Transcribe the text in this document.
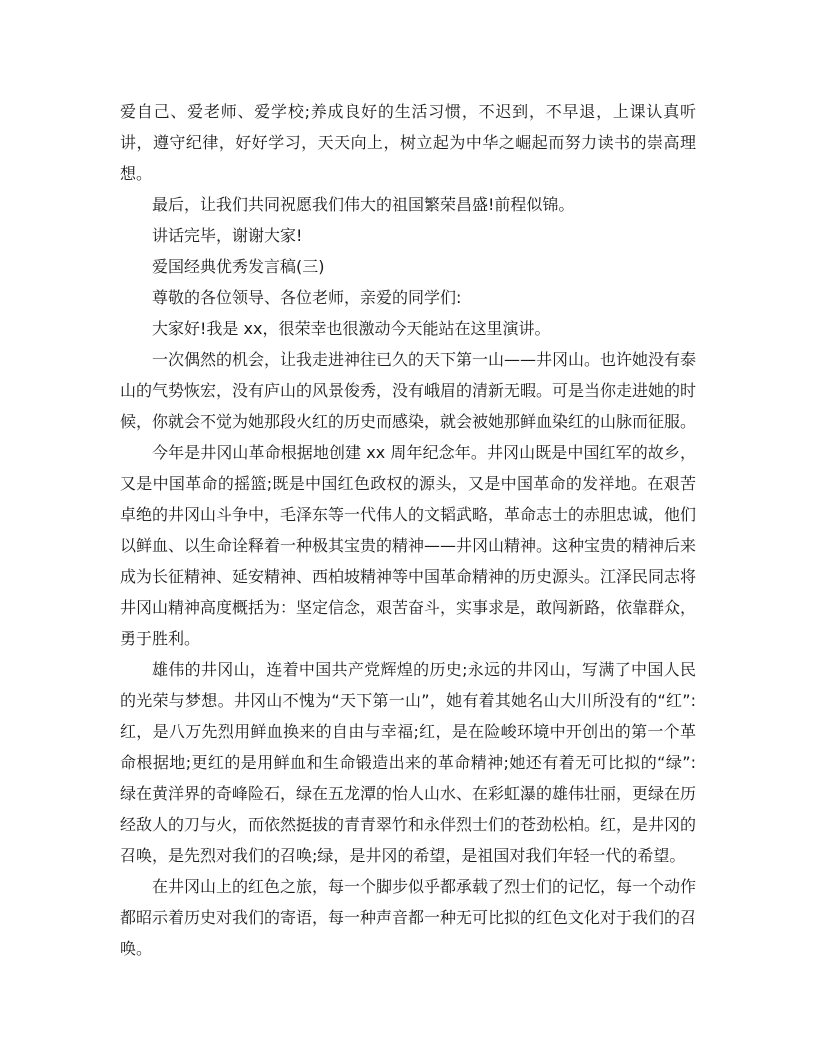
爱自己、爱老师、爱学校;养成良好的生活习惯，不迟到，不早退，上课认真听讲，遵守纪律，好好学习，天天向上，树立起为中华之崛起而努力读书的崇高理想。

最后，让我们共同祝愿我们伟大的祖国繁荣昌盛!前程似锦。

讲话完毕，谢谢大家!

爱国经典优秀发言稿(三)

尊敬的各位领导、各位老师，亲爱的同学们:

大家好!我是 xx，很荣幸也很激动今天能站在这里演讲。

一次偶然的机会，让我走进神往已久的天下第一山——井冈山。也许她没有泰山的气势恢宏，没有庐山的风景俊秀，没有峨眉的清新无暇。可是当你走进她的时候，你就会不觉为她那段火红的历史而感染，就会被她那鲜血染红的山脉而征服。

今年是井冈山革命根据地创建 xx 周年纪念年。井冈山既是中国红军的故乡，又是中国革命的摇篮;既是中国红色政权的源头，又是中国革命的发祥地。在艰苦卓绝的井冈山斗争中，毛泽东等一代伟人的文韬武略，革命志士的赤胆忠诚，他们以鲜血、以生命诠释着一种极其宝贵的精神——井冈山精神。这种宝贵的精神后来成为长征精神、延安精神、西柏坡精神等中国革命精神的历史源头。江泽民同志将井冈山精神高度概括为：坚定信念，艰苦奋斗，实事求是，敢闯新路，依靠群众，勇于胜利。

雄伟的井冈山，连着中国共产党辉煌的历史;永远的井冈山，写满了中国人民的光荣与梦想。井冈山不愧为“天下第一山”，她有着其她名山大川所没有的“红”:红，是八万先烈用鲜血换来的自由与幸福;红，是在险峻环境中开创出的第一个革命根据地;更红的是用鲜血和生命锻造出来的革命精神;她还有着无可比拟的“绿”:绿在黄洋界的奇峰险石，绿在五龙潭的怡人山水、在彩虹瀑的雄伟壮丽，更绿在历经敌人的刀与火，而依然挺拔的青青翠竹和永伴烈士们的苍劲松柏。红，是井冈的召唤，是先烈对我们的召唤;绿，是井冈的希望，是祖国对我们年轻一代的希望。

在井冈山上的红色之旅，每一个脚步似乎都承载了烈士们的记忆，每一个动作都昭示着历史对我们的寄语，每一种声音都一种无可比拟的红色文化对于我们的召唤。
